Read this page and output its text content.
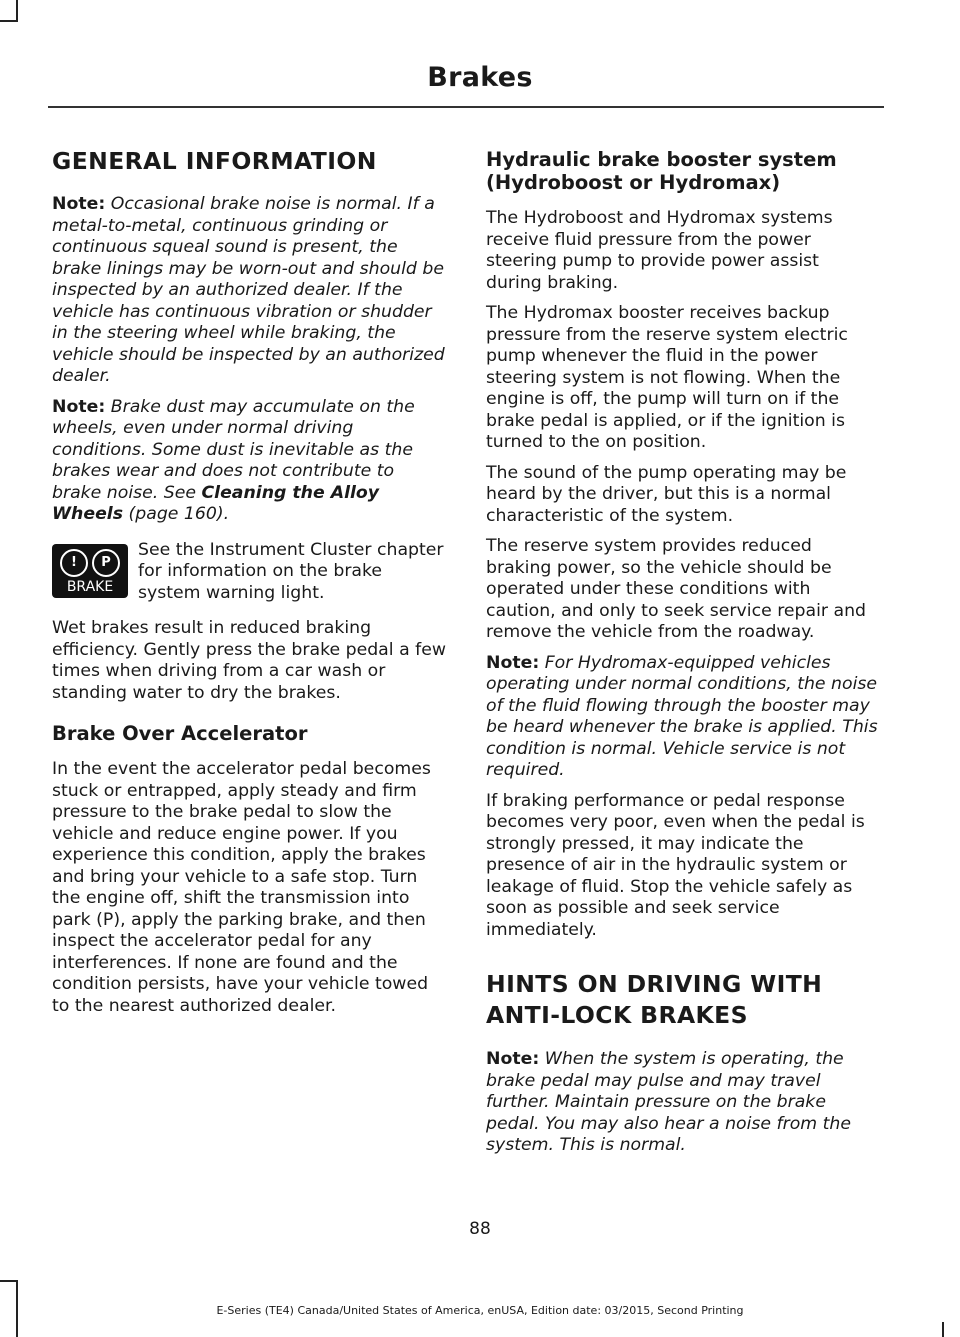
Brakes
GENERAL INFORMATION

Note: Occasional brake noise is normal. If a metal-to-metal, continuous grinding or continuous squeal sound is present, the brake linings may be worn-out and should be inspected by an authorized dealer. If the vehicle has continuous vibration or shudder in the steering wheel while braking, the vehicle should be inspected by an authorized dealer.

Note: Brake dust may accumulate on the wheels, even under normal driving conditions. Some dust is inevitable as the brakes wear and does not contribute to brake noise. See Cleaning the Alloy Wheels (page 160).

!	P
BRAKE

See the Instrument Cluster chapter for information on the brake system warning light.

Wet brakes result in reduced braking efficiency. Gently press the brake pedal a few times when driving from a car wash or standing water to dry the brakes.

Brake Over Accelerator

In the event the accelerator pedal becomes stuck or entrapped, apply steady and firm pressure to the brake pedal to slow the vehicle and reduce engine power. If you experience this condition, apply the brakes and bring your vehicle to a safe stop. Turn the engine off, shift the transmission into park (P), apply the parking brake, and then inspect the accelerator pedal for any interferences. If none are found and the condition persists, have your vehicle towed to the nearest authorized dealer.

Hydraulic brake booster system (Hydroboost or Hydromax)

The Hydroboost and Hydromax systems receive fluid pressure from the power steering pump to provide power assist during braking.

The Hydromax booster receives backup pressure from the reserve system electric pump whenever the fluid in the power steering system is not flowing. When the engine is off, the pump will turn on if the brake pedal is applied, or if the ignition is turned to the on position.

The sound of the pump operating may be heard by the driver, but this is a normal characteristic of the system.

The reserve system provides reduced braking power, so the vehicle should be operated under these conditions with caution, and only to seek service repair and remove the vehicle from the roadway.

Note: For Hydromax-equipped vehicles operating under normal conditions, the noise of the fluid flowing through the booster may be heard whenever the brake is applied. This condition is normal. Vehicle service is not required.

If braking performance or pedal response becomes very poor, even when the pedal is strongly pressed, it may indicate the presence of air in the hydraulic system or leakage of fluid. Stop the vehicle safely as soon as possible and seek service immediately.

HINTS ON DRIVING WITH
ANTI-LOCK BRAKES

Note: When the system is operating, the brake pedal may pulse and may travel further. Maintain pressure on the brake pedal. You may also hear a noise from the system. This is normal.

88
E-Series (TE4) Canada/United States of America, enUSA, Edition date: 03/2015, Second Printing
